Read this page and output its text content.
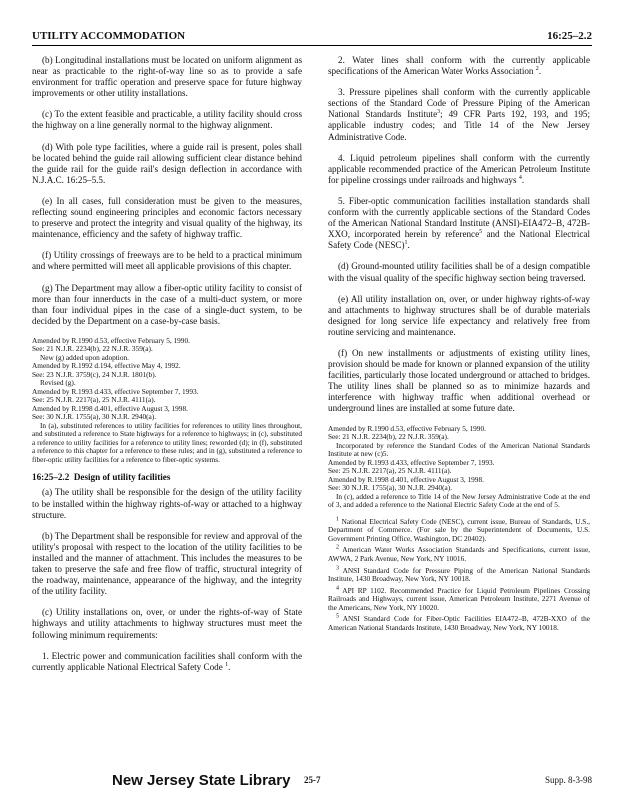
UTILITY ACCOMMODATION	16:25–2.2

(b) Longitudinal installations must be located on uniform alignment as near as practicable to the right-of-way line so as to provide a safe environment for traffic operation and preserve space for future highway improvements or other utility installations.

(c) To the extent feasible and practicable, a utility facility should cross the highway on a line generally normal to the highway alignment.

(d) With pole type facilities, where a guide rail is present, poles shall be located behind the guide rail allowing sufficient clear distance behind the guide rail for the guide rail's design deflection in accordance with N.J.A.C. 16:25–5.5.

(e) In all cases, full consideration must be given to the measures, reflecting sound engineering principles and economic factors necessary to preserve and protect the integrity and visual quality of the highway, its maintenance, efficiency and the safety of highway traffic.

(f) Utility crossings of freeways are to be held to a practical minimum and where permitted will meet all applicable provisions of this chapter.

(g) The Department may allow a fiber-optic utility facility to consist of more than four innerducts in the case of a multi-duct system, or more than four individual pipes in the case of a single-duct system, to be decided by the Department on a case-by-case basis.

Amended by R.1990 d.53, effective February 5, 1990.
See: 21 N.J.R. 2234(b), 22 N.J.R. 359(a).
New (g) added upon adoption.
Amended by R.1992 d.194, effective May 4, 1992.
See: 23 N.J.R. 3759(c), 24 N.J.R. 1801(b).
Revised (g).
Amended by R.1993 d.433, effective September 7, 1993.
See: 25 N.J.R. 2217(a), 25 N.J.R. 4111(a).
Amended by R.1998 d.401, effective August 3, 1998.
See: 30 N.J.R. 1755(a), 30 N.J.R. 2940(a).
In (a), substituted references to utility facilities for references to utility lines throughout, and substituted a reference to State highways for a reference to highways; in (c), substituted a reference to utility facilities for a reference to utility lines; reworded (d); in (f), substituted a reference to this chapter for a reference to these rules; and in (g), substituted a reference to fiber-optic utility facilities for a reference to fiber-optic systems.
16:25–2.2 Design of utility facilities

(a) The utility shall be responsible for the design of the utility facility to be installed within the highway rights-of-way or attached to a highway structure.

(b) The Department shall be responsible for review and approval of the utility's proposal with respect to the location of the utility facilities to be installed and the manner of attachment. This includes the measures to be taken to preserve the safe and free flow of traffic, structural integrity of the roadway, maintenance, appearance of the highway, and the integrity of the utility facility.

(c) Utility installations on, over, or under the rights-of-way of State highways and utility attachments to highway structures must meet the following minimum requirements:

1. Electric power and communication facilities shall conform with the currently applicable National Electrical Safety Code $^1$.

2. Water lines shall conform with the currently applicable specifications of the American Water Works Association $^2$.

3. Pressure pipelines shall conform with the currently applicable sections of the Standard Code of Pressure Piping of the American National Standards Institute$^3$; 49 CFR Parts 192, 193, and 195; applicable industry codes; and Title 14 of the New Jersey Administrative Code.

4. Liquid petroleum pipelines shall conform with the currently applicable recommended practice of the American Petroleum Institute for pipeline crossings under railroads and highways $^4$.

5. Fiber-optic communication facilities installation standards shall conform with the currently applicable sections of the Standard Codes of the American National Standard Institute (ANSI)-EIA472–B, 472B-XXO, incorporated herein by reference$^5$ and the National Electrical Safety Code (NESC)$^1$.

(d) Ground-mounted utility facilities shall be of a design compatible with the visual quality of the specific highway section being traversed.

(e) All utility installation on, over, or under highway rights-of-way and attachments to highway structures shall be of durable materials designed for long service life expectancy and relatively free from routine servicing and maintenance.

(f) On new installments or adjustments of existing utility lines, provision should be made for known or planned expansion of the utility facilities, particularly those located underground or attached to bridges. The utility lines shall be planned so as to minimize hazards and interference with highway traffic when additional overhead or underground lines are installed at some future date.

Amended by R.1990 d.53, effective February 5, 1990.
See: 21 N.J.R. 2234(b), 22 N.J.R. 359(a).
Incorporated by reference the Standard Codes of the American National Standards Institute at new (c)5.
Amended by R.1993 d.433, effective September 7, 1993.
See: 25 N.J.R. 2217(a), 25 N.J.R. 4111(a).
Amended by R.1998 d.401, effective August 3, 1998.
See: 30 N.J.R. 1755(a), 30 N.J.R. 2940(a).
In (c), added a reference to Title 14 of the New Jersey Administrative Code at the end of 3, and added a reference to the National Electric Safety Code at the end of 5.

$^1$ National Electrical Safety Code (NESC), current issue, Bureau of Standards, U.S., Department of Commerce. (For sale by the Superintendent of Documents, U.S. Government Printing Office, Washington, DC 20402).

$^2$ American Water Works Association Standards and Specifications, current issue, AWWA, 2 Park Avenue, New York, NY 10016.

$^3$ ANSI Standard Code for Pressure Piping of the American National Standards Institute, 1430 Broadway, New York, NY 10018.

$^4$ API RP 1102. Recommended Practice for Liquid Petroleum Pipelines Crossing Railroads and Highways, current issue, American Petroleum Institute, 2271 Avenue of the Americans, New York, NY 10020.

$^5$ ANSI Standard Code for Fiber-Optic Facilities EIA472–B, 472B-XXO of the American National Standards Institute, 1430 Broadway, New York, NY 10018.

New Jersey State Library 25-7	Supp. 8-3-98
